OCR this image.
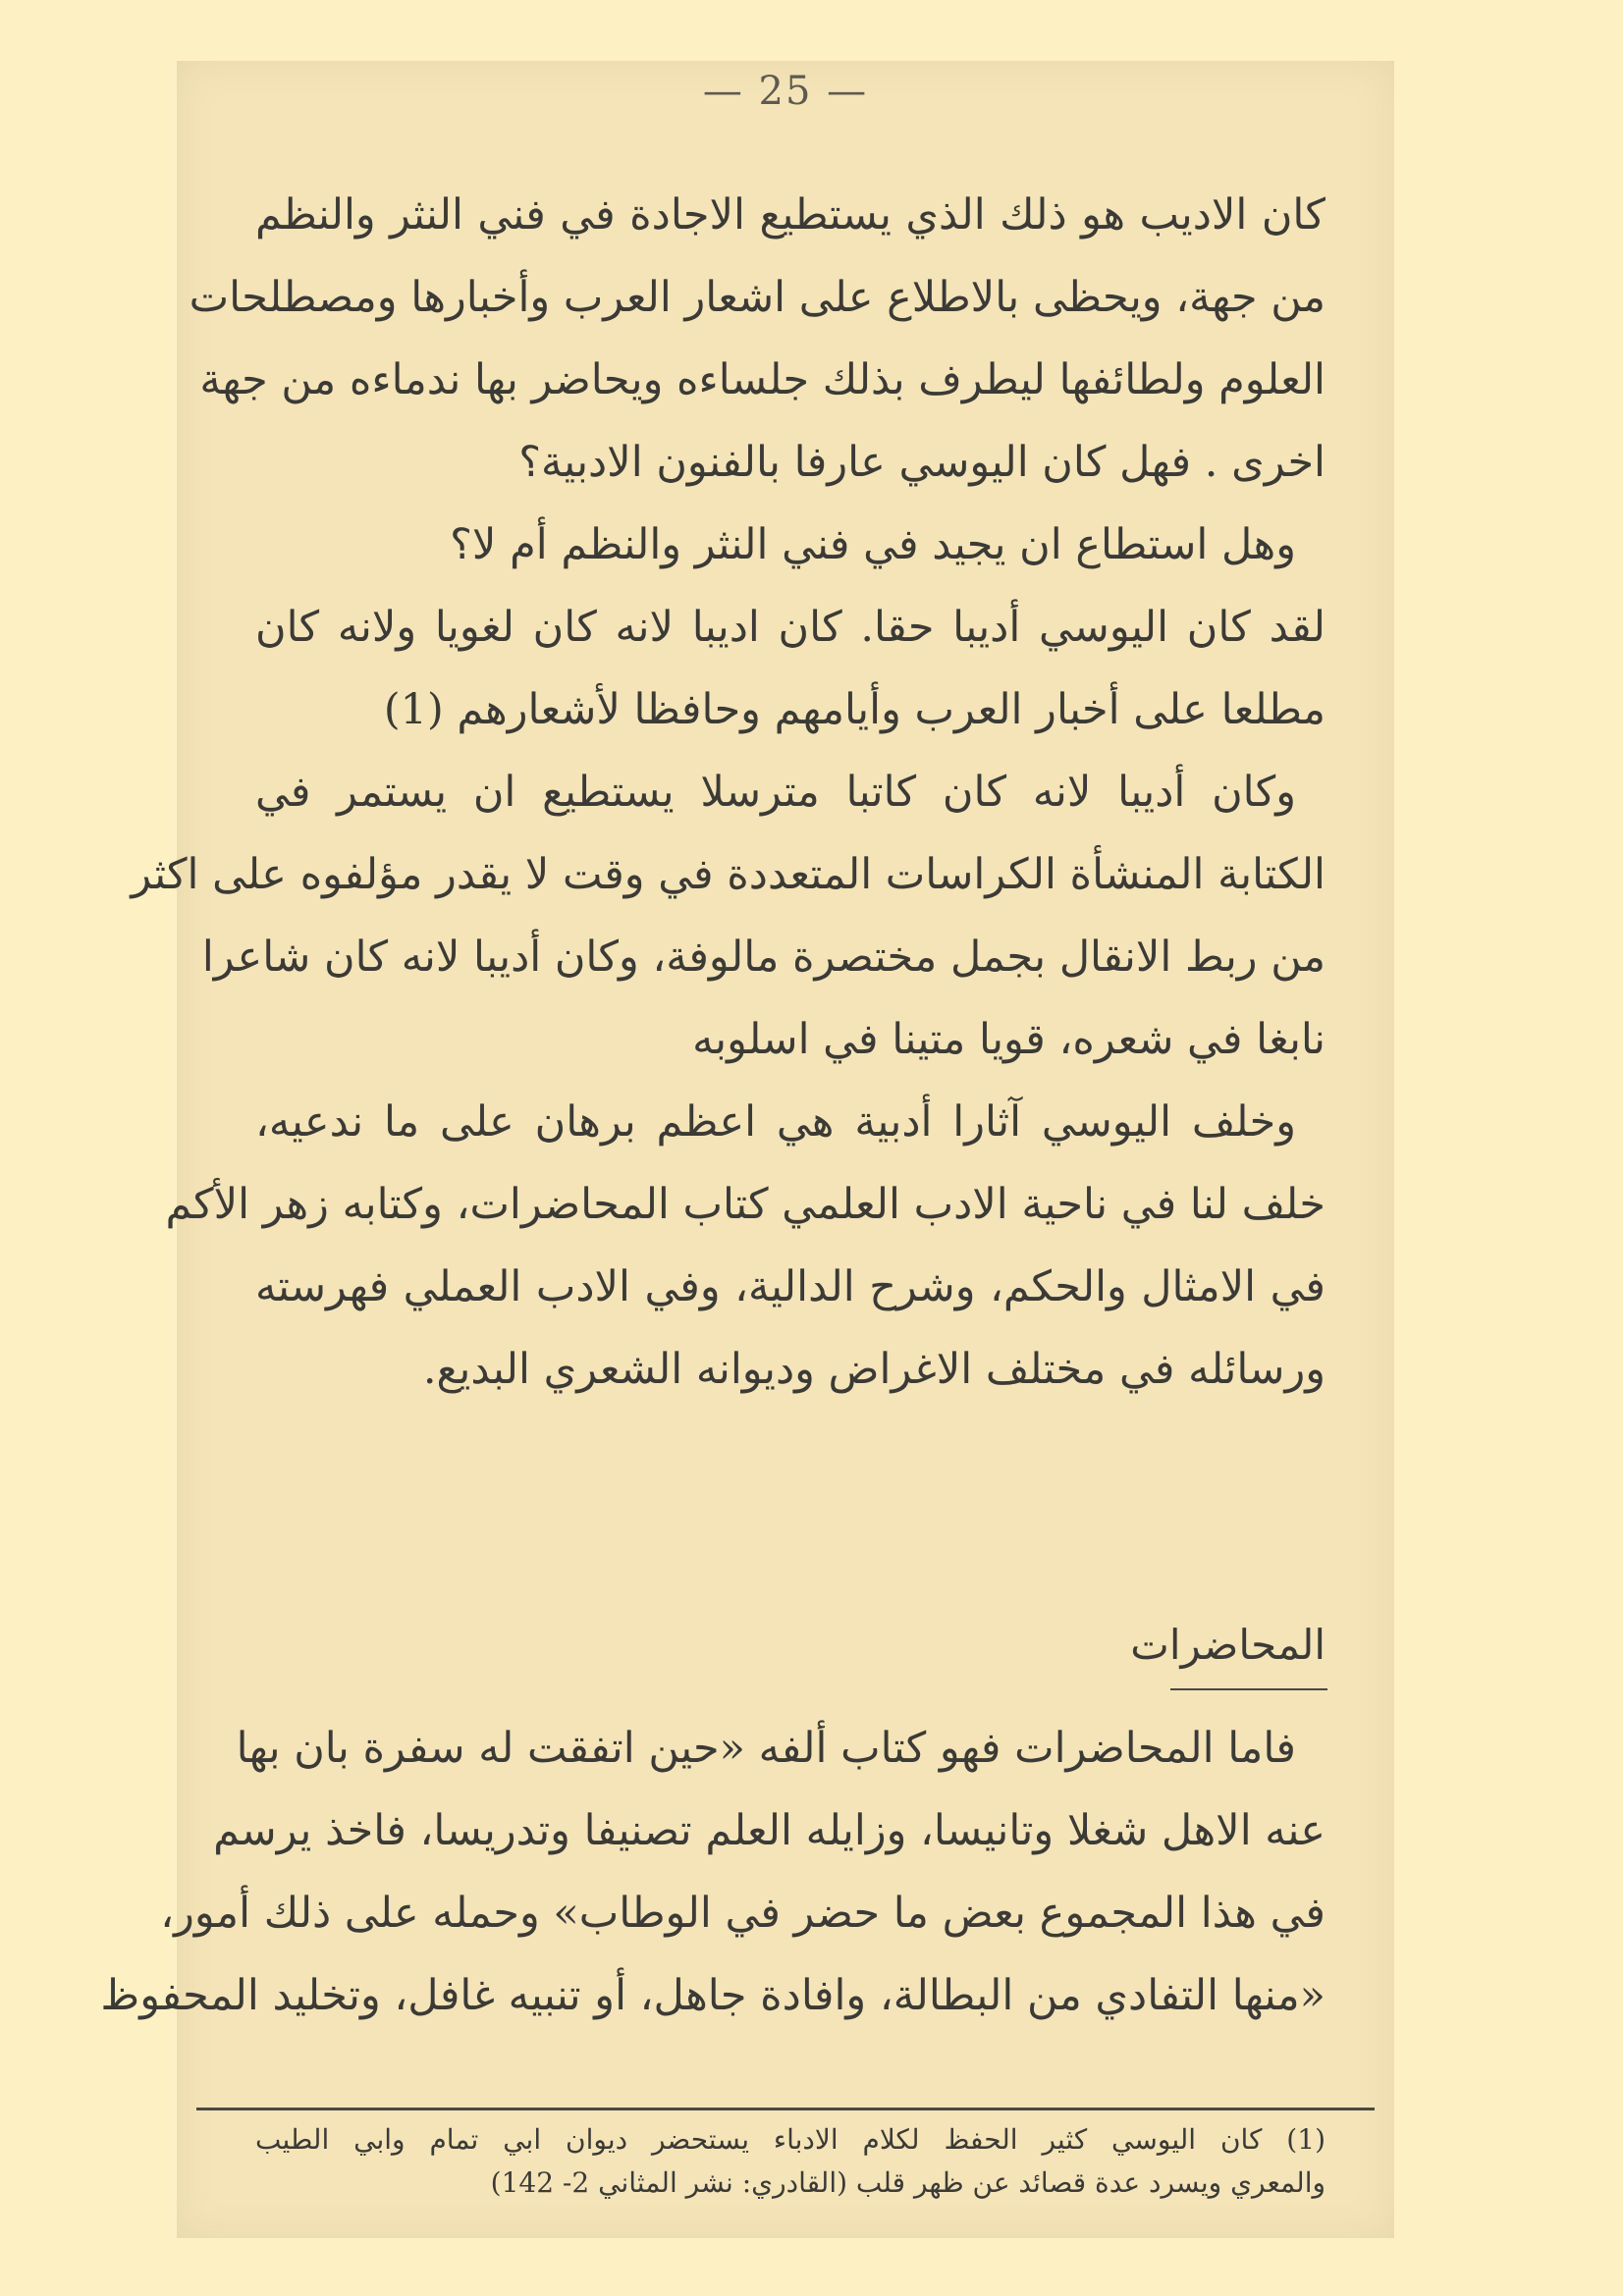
— 25 —
كان الاديب هو ذلك الذي يستطيع الاجادة في فني النثر والنظم
من جهة، ويحظى بالاطلاع على اشعار العرب وأخبارها ومصطلحات
العلوم ولطائفها ليطرف بذلك جلساءه ويحاضر بها ندماءه من جهة
اخرى . فهل كان اليوسي عارفا بالفنون الادبية؟
وهل استطاع ان يجيد في فني النثر والنظم أم لا؟
لقد كان اليوسي أديبا حقا. كان اديبا لانه كان لغويا ولانه كان
مطلعا على أخبار العرب وأيامهم وحافظا لأشعارهم (1)
وكان أديبا لانه كان كاتبا مترسلا يستطيع ان يستمر في
الكتابة المنشأة الكراسات المتعددة في وقت لا يقدر مؤلفوه على اكثر
من ربط الانقال بجمل مختصرة مالوفة، وكان أديبا لانه كان شاعرا
نابغا في شعره، قويا متينا في اسلوبه
وخلف اليوسي آثارا أدبية هي اعظم برهان على ما ندعيه،
خلف لنا في ناحية الادب العلمي كتاب المحاضرات، وكتابه زهر الأكم
في الامثال والحكم، وشرح الدالية، وفي الادب العملي فهرسته
ورسائله في مختلف الاغراض وديوانه الشعري البديع.
المحاضرات
فاما المحاضرات فهو كتاب ألفه «حين اتفقت له سفرة بان بها
عنه الاهل شغلا وتانيسا، وزايله العلم تصنيفا وتدريسا، فاخذ يرسم
في هذا المجموع بعض ما حضر في الوطاب» وحمله على ذلك أمور،
«منها التفادي من البطالة، وافادة جاهل، أو تنبيه غافل، وتخليد المحفوظ
(1) كان اليوسي كثير الحفظ لكلام الادباء يستحضر ديوان ابي تمام وابي الطيب
والمعري ويسرد عدة قصائد عن ظهر قلب (القادري: نشر المثاني 2- 142)
